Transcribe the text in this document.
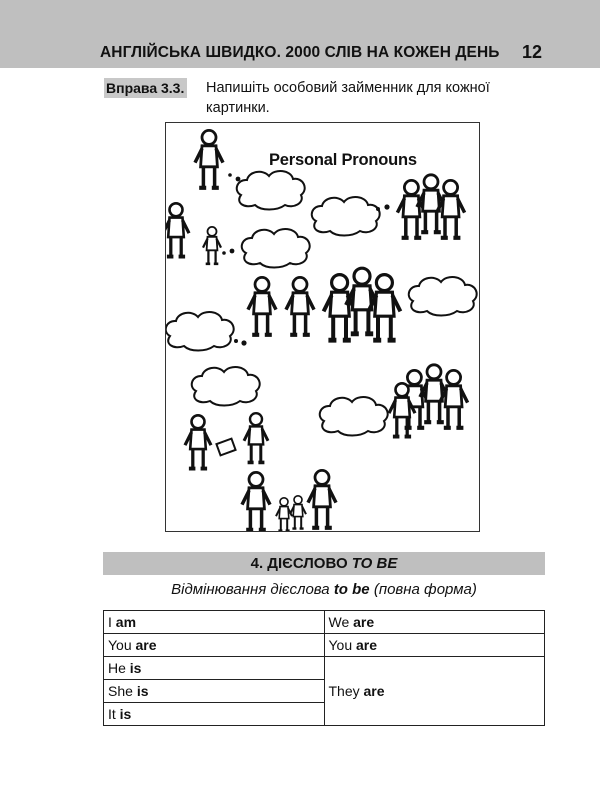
АНГЛІЙСЬКА ШВИДКО. 2000 СЛІВ НА КОЖЕН ДЕНЬ 12
Вправа 3.3. Напишіть особовий займенник для кожної картинки.
Personal Pronouns
4. ДІЄСЛОВО TO BE
Відмінювання дієслова to be (повна форма)
I am	We are
You are	You are
He is	They are
She is	
It is	
